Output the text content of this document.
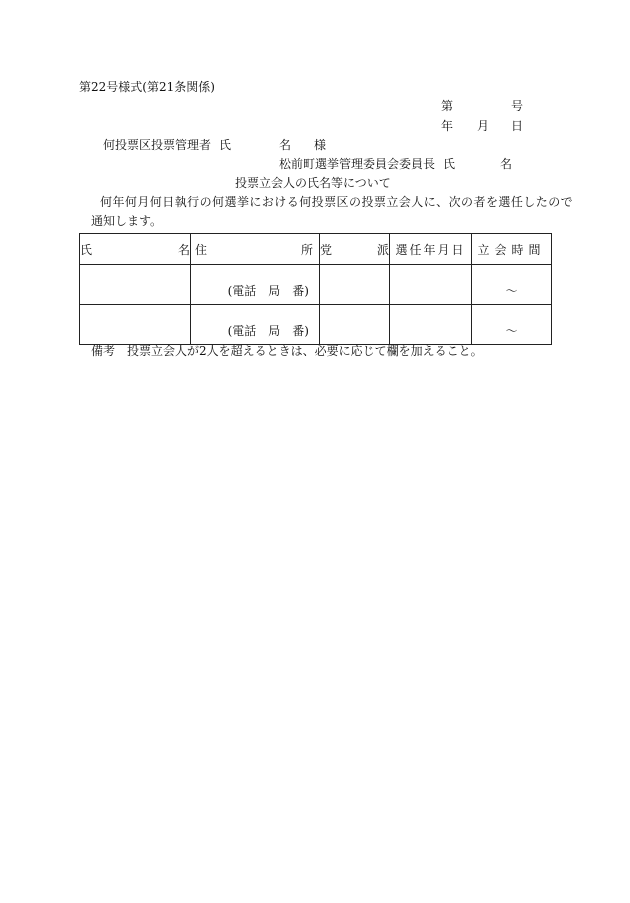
第22号様式(第21条関係)
第	号
年 月 日
何投票区投票管理者 氏	名 様
松前町選挙管理委員会委員長 氏	名
投票立会人の氏名等について
何年何月何日執行の何選挙における何投票区の投票立会人に、次の者を選任したので
通知します。
氏 名	住 所	党 派	選任年月日	立会時間
	(電話　局　番)			～
	(電話　局　番)			～
備考　投票立会人が2人を超えるときは、必要に応じて欄を加えること。
